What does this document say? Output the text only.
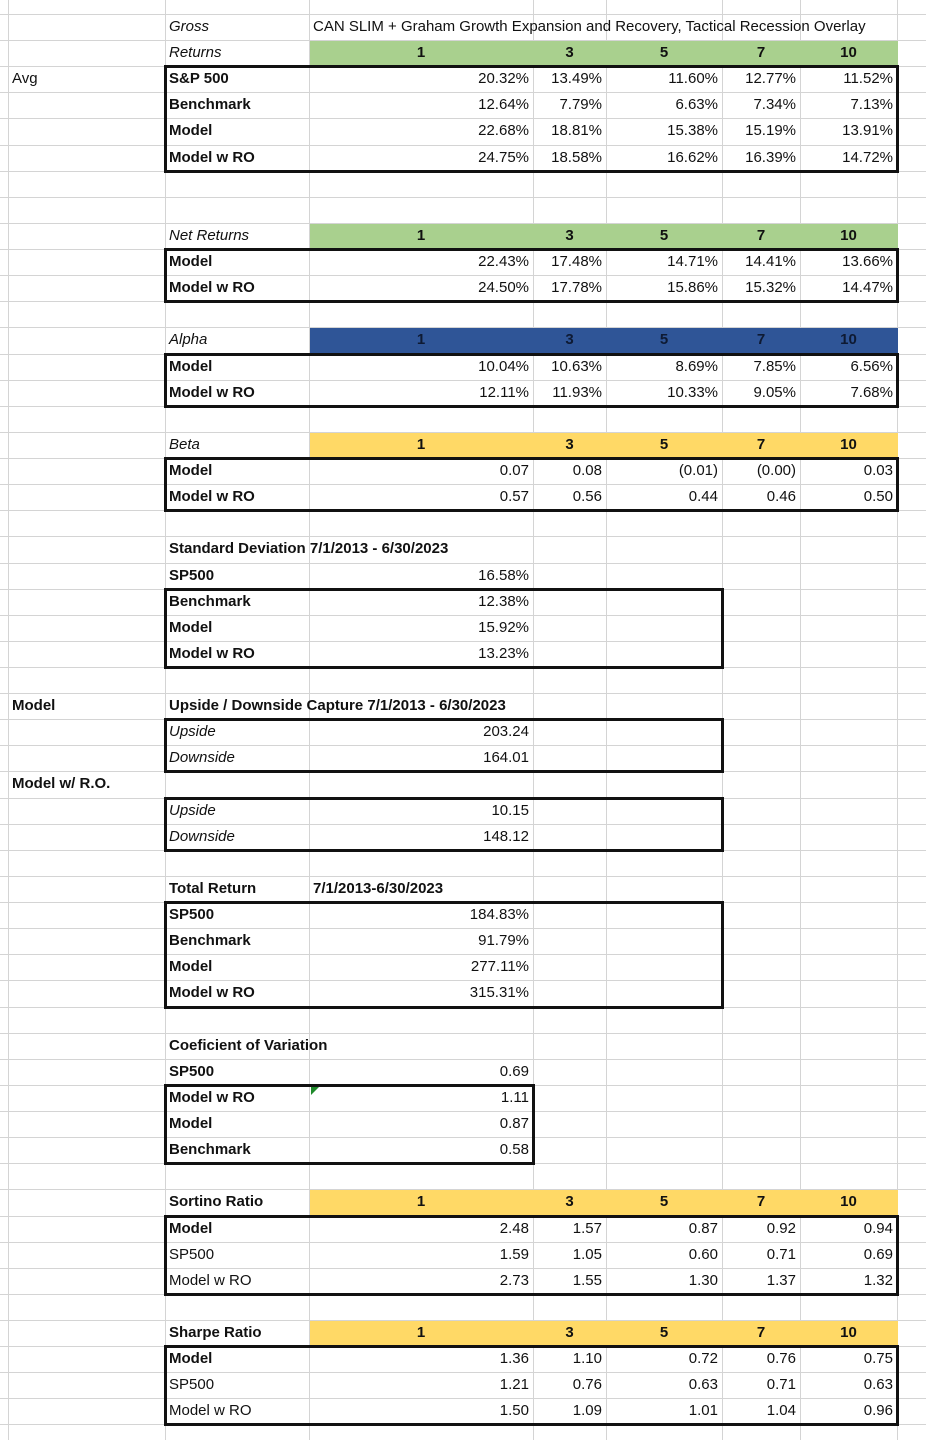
Gross	CAN SLIM + Graham Growth Expansion and Recovery, Tactical Recession Overlay
Returns	1	3	5	7	10
Avg	S&P 500	20.32%	13.49%	11.60%	12.77%	11.52%
Benchmark	12.64%	7.79%	6.63%	7.34%	7.13%
Model	22.68%	18.81%	15.38%	15.19%	13.91%
Model w RO	24.75%	18.58%	16.62%	16.39%	14.72%
Net Returns	1	3	5	7	10
Model	22.43%	17.48%	14.71%	14.41%	13.66%
Model w RO	24.50%	17.78%	15.86%	15.32%	14.47%
Alpha	1	3	5	7	10
Model	10.04%	10.63%	8.69%	7.85%	6.56%
Model w RO	12.11%	11.93%	10.33%	9.05%	7.68%
Beta	1	3	5	7	10
Model	0.07	0.08	(0.01)	(0.00)	0.03
Model w RO	0.57	0.56	0.44	0.46	0.50
Standard Deviation 7/1/2013 - 6/30/2023
SP500	16.58%
Benchmark	12.38%
Model	15.92%
Model w RO	13.23%
Model	Upside / Downside Capture 7/1/2013 - 6/30/2023
Upside	203.24
Downside	164.01
Model w/ R.O.
Upside	10.15
Downside	148.12
Total Return	7/1/2013-6/30/2023
SP500	184.83%
Benchmark	91.79%
Model	277.11%
Model w RO	315.31%
Coeficient of Variation
SP500	0.69
Model w RO	1.11
Model	0.87
Benchmark	0.58
Sortino Ratio	1	3	5	7	10
Model	2.48	1.57	0.87	0.92	0.94
SP500	1.59	1.05	0.60	0.71	0.69
Model w RO	2.73	1.55	1.30	1.37	1.32
Sharpe Ratio	1	3	5	7	10
Model	1.36	1.10	0.72	0.76	0.75
SP500	1.21	0.76	0.63	0.71	0.63
Model w RO	1.50	1.09	1.01	1.04	0.96
